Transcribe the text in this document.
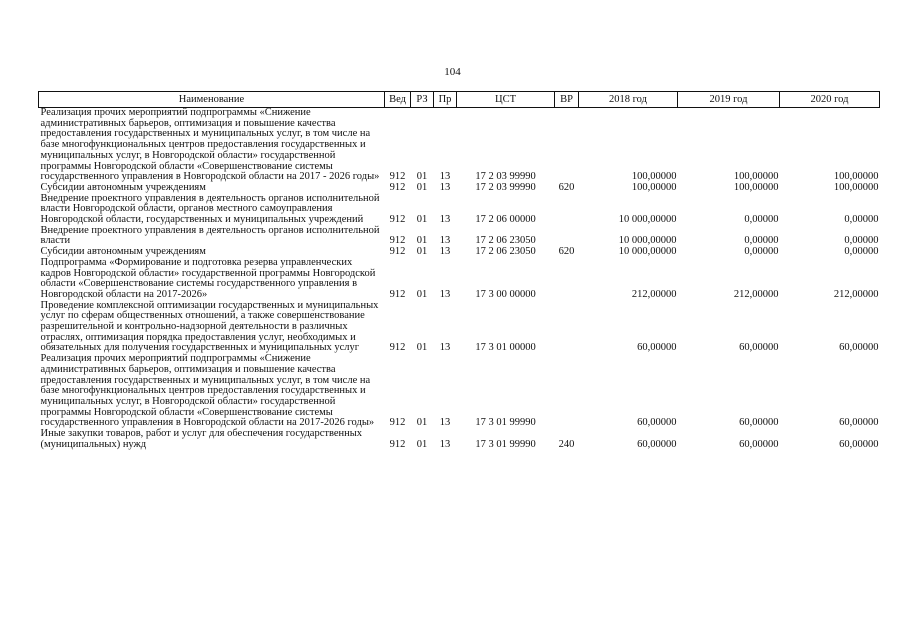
104
Наименование	Вед	РЗ	Пр	ЦСТ	ВР	2018 год	2019 год	2020 год
Реализация прочих мероприятий подпрограммы «Снижение административных барьеров, оптимизация и повышение качества предоставления государственных и муниципальных услуг, в том числе на базе многофункциональных центров предоставления государственных и муниципальных услуг, в Новгородской области» государственной программы Новгородской области «Совершенствование системы государственного управления в Новгородской области на 2017 - 2026 годы»	912	01	13	17 2 03 99990		100,00000	100,00000	100,00000
Субсидии автономным учреждениям	912	01	13	17 2 03 99990	620	100,00000	100,00000	100,00000
Внедрение проектного управления в деятельность органов исполнительной власти Новгородской области, органов местного самоуправления Новгородской области, государственных и муниципальных учреждений	912	01	13	17 2 06 00000		10 000,00000	0,00000	0,00000
Внедрение проектного управления в деятельность органов исполнительной власти	912	01	13	17 2 06 23050		10 000,00000	0,00000	0,00000
Субсидии автономным учреждениям	912	01	13	17 2 06 23050	620	10 000,00000	0,00000	0,00000
Подпрограмма «Формирование и подготовка резерва управленческих кадров Новгородской области» государственной программы Новгородской области «Совершенствование системы государственного управления в Новгородской области на 2017-2026»	912	01	13	17 3 00 00000		212,00000	212,00000	212,00000
Проведение комплексной оптимизации государственных и муниципальных услуг по сферам общественных отношений, а также совершенствование разрешительной и контрольно-надзорной деятельности в различных отраслях, оптимизация порядка предоставления услуг, необходимых и обязательных для получения государственных и муниципальных услуг	912	01	13	17 3 01 00000		60,00000	60,00000	60,00000
Реализация прочих мероприятий подпрограммы «Снижение административных барьеров, оптимизация и повышение качества предоставления государственных и муниципальных услуг, в том числе на базе многофункциональных центров предоставления государственных и муниципальных услуг, в Новгородской области» государственной программы Новгородской области «Совершенствование системы государственного управления в Новгородской области на 2017-2026 годы»	912	01	13	17 3 01 99990		60,00000	60,00000	60,00000
Иные закупки товаров, работ и услуг для обеспечения государственных (муниципальных) нужд	912	01	13	17 3 01 99990	240	60,00000	60,00000	60,00000
